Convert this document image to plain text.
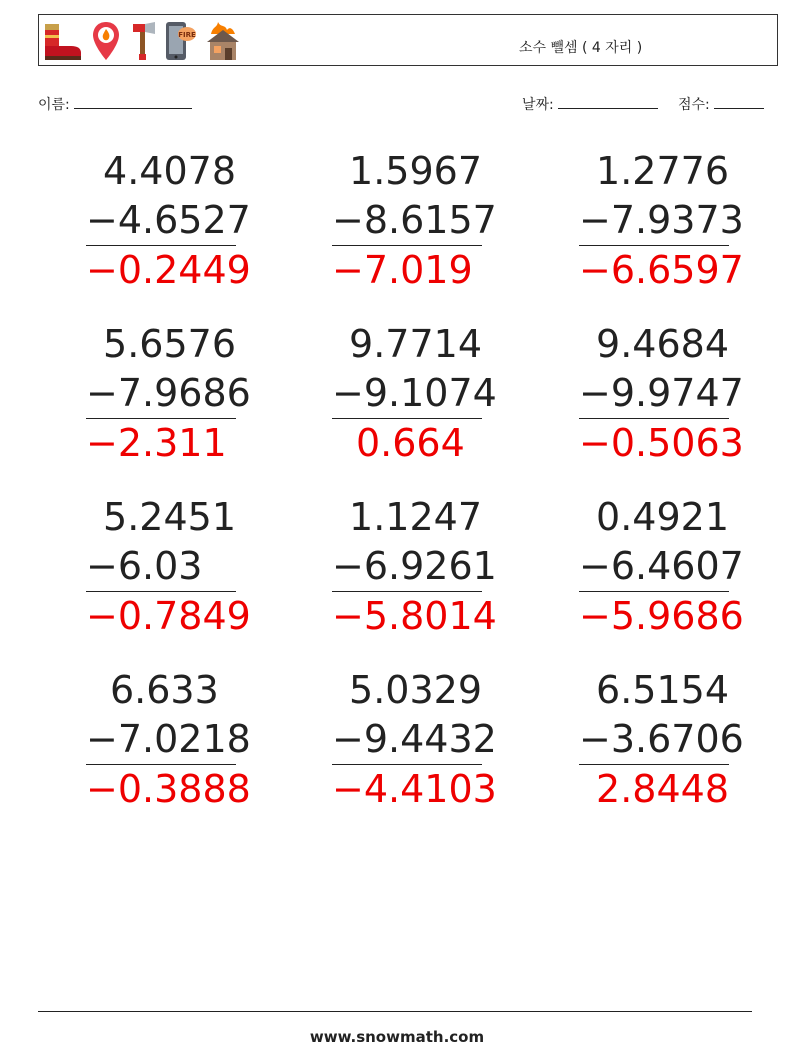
FIRE
소수 뺄셈 ( 4 자리 )
이름:	날짜:	점수:
4.4078
−4.6527
−0.2449
1.5967
−8.6157
−7.019
1.2776
−7.9373
−6.6597
5.6576
−7.9686
−2.311
9.7714
−9.1074
0.664
9.4684
−9.9747
−0.5063
5.2451
−6.03
−0.7849
1.1247
−6.9261
−5.8014
0.4921
−6.4607
−5.9686
6.633
−7.0218
−0.3888
5.0329
−9.4432
−4.4103
6.5154
−3.6706
2.8448
www.snowmath.com
